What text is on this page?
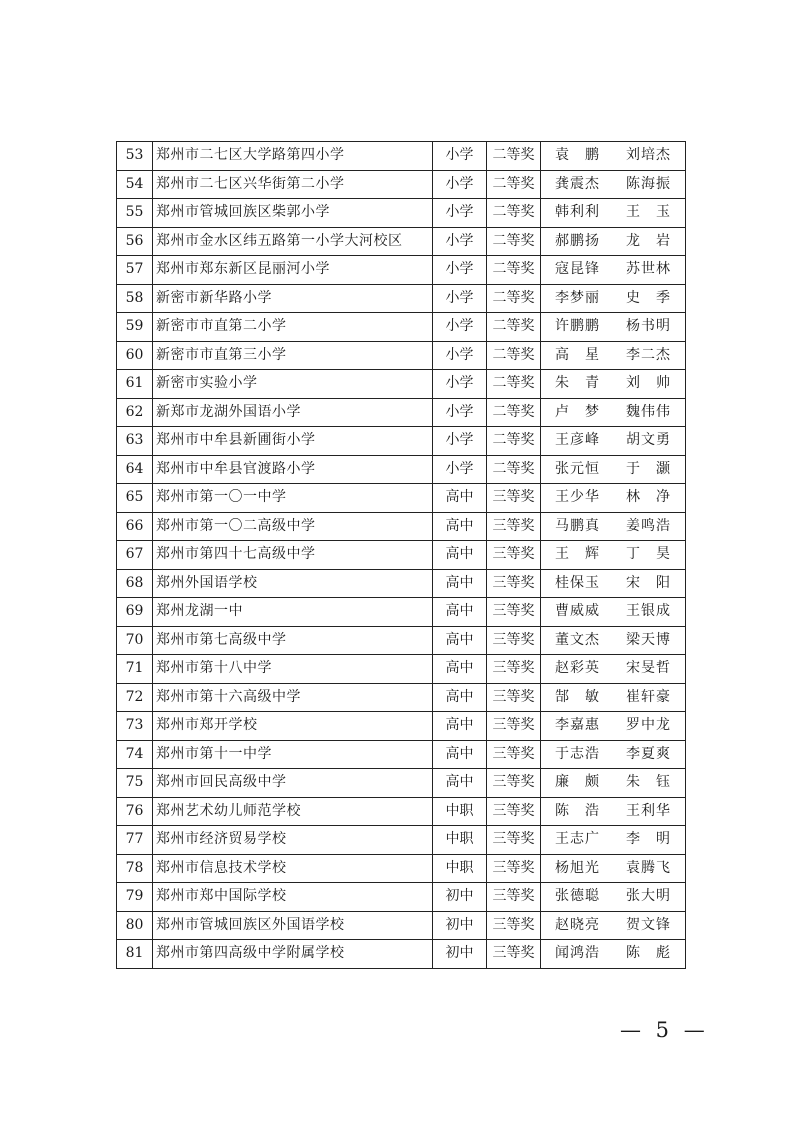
53	郑州市二七区大学路第四小学	小学	二等奖	袁　鹏 刘培杰

54	郑州市二七区兴华街第二小学	小学	二等奖	龚震杰 陈海振

55	郑州市管城回族区柴郭小学	小学	二等奖	韩利利 王　玉

56	郑州市金水区纬五路第一小学大河校区	小学	二等奖	郝鹏扬 龙　岩

57	郑州市郑东新区昆丽河小学	小学	二等奖	寇昆锋 苏世林

58	新密市新华路小学	小学	二等奖	李梦丽 史　季

59	新密市市直第二小学	小学	二等奖	许鹏鹏 杨书明

60	新密市市直第三小学	小学	二等奖	高　星 李二杰

61	新密市实验小学	小学	二等奖	朱　青 刘　帅

62	新郑市龙湖外国语小学	小学	二等奖	卢　梦 魏伟伟

63	郑州市中牟县新圃街小学	小学	二等奖	王彦峰 胡文勇

64	郑州市中牟县官渡路小学	小学	二等奖	张元恒 于　灏

65	郑州市第一〇一中学	高中	三等奖	王少华 林　净

66	郑州市第一〇二高级中学	高中	三等奖	马鹏真 姜鸣浩

67	郑州市第四十七高级中学	高中	三等奖	王　辉 丁　昊

68	郑州外国语学校	高中	三等奖	桂保玉 宋　阳

69	郑州龙湖一中	高中	三等奖	曹威威 王银成

70	郑州市第七高级中学	高中	三等奖	董文杰 梁天博

71	郑州市第十八中学	高中	三等奖	赵彩英 宋旻哲

72	郑州市第十六高级中学	高中	三等奖	郜　敏 崔轩豪

73	郑州市郑开学校	高中	三等奖	李嘉惠 罗中龙

74	郑州市第十一中学	高中	三等奖	于志浩 李夏爽

75	郑州市回民高级中学	高中	三等奖	廉　颇 朱　钰

76	郑州艺术幼儿师范学校	中职	三等奖	陈　浩 王利华

77	郑州市经济贸易学校	中职	三等奖	王志广 李　明

78	郑州市信息技术学校	中职	三等奖	杨旭光 袁腾飞

79	郑州市郑中国际学校	初中	三等奖	张德聪 张大明

80	郑州市管城回族区外国语学校	初中	三等奖	赵晓亮 贺文锋

81	郑州市第四高级中学附属学校	初中	三等奖	闻鸿浩 陈　彪
— 5 —
